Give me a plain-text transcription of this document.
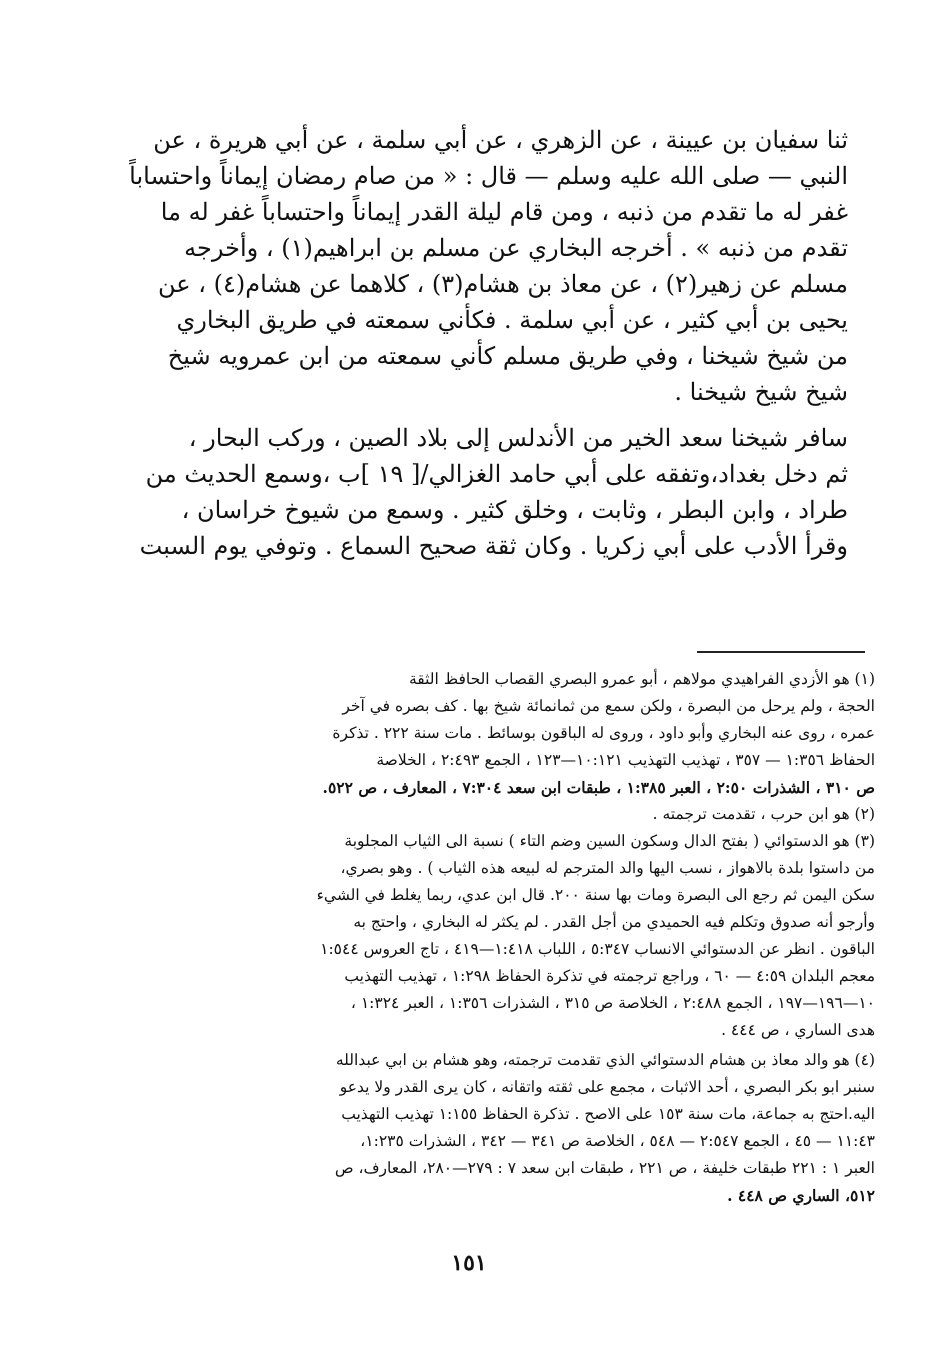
ثنا سفيان بن عيينة ، عن الزهري ، عن أبي سلمة ، عن أبي هريرة ، عن
النبي — صلى الله عليه وسلم — قال : « من صام رمضان إيماناً واحتساباً
غفر له ما تقدم من ذنبه ، ومن قام ليلة القدر إيماناً واحتساباً غفر له ما
تقدم من ذنبه » . أخرجه البخاري عن مسلم بن ابراهيم(١) ، وأخرجه
مسلم عن زهير(٢) ، عن معاذ بن هشام(٣) ، كلاهما عن هشام(٤) ، عن
يحيى بن أبي كثير ، عن أبي سلمة . فكأني سمعته في طريق البخاري
من شيخ شيخنا ، وفي طريق مسلم كأني سمعته من ابن عمرويه شيخ
شيخ شيخ شيخنا .
سافر شيخنا سعد الخير من الأندلس إلى بلاد الصين ، وركب البحار ،
ثم دخل بغداد،وتفقه على أبي حامد الغزالي/[ ١٩ ]ب ،وسمع الحديث من
طراد ، وابن البطر ، وثابت ، وخلق كثير . وسمع من شيوخ خراسان ،
وقرأ الأدب على أبي زكريا . وكان ثقة صحيح السماع . وتوفي يوم السبت
(١) هو الأزدي الفراهيدي مولاهم ، أبو عمرو البصري القصاب الحافظ الثقة
الحجة ، ولم يرحل من البصرة ، ولكن سمع من ثمانمائة شيخ بها . كف بصره في آخر
عمره ، روى عنه البخاري وأبو داود ، وروى له الباقون بوسائط . مات سنة ٢٢٢ . تذكرة
الحفاظ ١:٣٥٦ — ٣٥٧ ، تهذيب التهذيب ١٠:١٢١—١٢٣ ، الجمع ٢:٤٩٣ ، الخلاصة
ص ٣١٠ ، الشذرات ٢:٥٠ ، العبر ١:٣٨٥ ، طبقات ابن سعد ٧:٣٠٤ ، المعارف ، ص ٥٢٢.
(٢) هو ابن حرب ، تقدمت ترجمته .
(٣) هو الدستوائي ( بفتح الدال وسكون السين وضم التاء ) نسبة الى الثياب المجلوبة
من داستوا بلدة بالاهواز ، نسب اليها والد المترجم له لبيعه هذه الثياب ) . وهو بصري،
سكن اليمن ثم رجع الى البصرة ومات بها سنة ٢٠٠. قال ابن عدي، ربما يغلط في الشيء
وأرجو أنه صدوق وتكلم فيه الحميدي من أجل القدر . لم يكثر له البخاري ، واحتج به
الباقون . انظر عن الدستوائي الانساب ٥:٣٤٧ ، اللباب ١:٤١٨—٤١٩ ، تاج العروس ١:٥٤٤
معجم البلدان ٤:٥٩ — ٦٠ ، وراجع ترجمته في تذكرة الحفاظ ١:٢٩٨ ، تهذيب التهذيب
١٠—١٩٦—١٩٧ ، الجمع ٢:٤٨٨ ، الخلاصة ص ٣١٥ ، الشذرات ١:٣٥٦ ، العبر ١:٣٢٤ ،
هدى الساري ، ص ٤٤٤ .
(٤) هو والد معاذ بن هشام الدستوائي الذي تقدمت ترجمته، وهو هشام بن ابي عبدالله
سنبر ابو بكر البصري ، أحد الاثبات ، مجمع على ثقته واتقانه ، كان يرى القدر ولا يدعو
اليه.احتج به جماعة، مات سنة ١٥٣ على الاصح . تذكرة الحفاظ ١:١٥٥ تهذيب التهذيب
١١:٤٣ — ٤٥ ، الجمع ٢:٥٤٧ — ٥٤٨ ، الخلاصة ص ٣٤١ — ٣٤٢ ، الشذرات ١:٢٣٥،
العبر ١ : ٢٢١ طبقات خليفة ، ص ٢٢١ ، طبقات ابن سعد ٧ : ٢٧٩—٢٨٠، المعارف، ص
٥١٢، الساري ص ٤٤٨ .
١٥١
